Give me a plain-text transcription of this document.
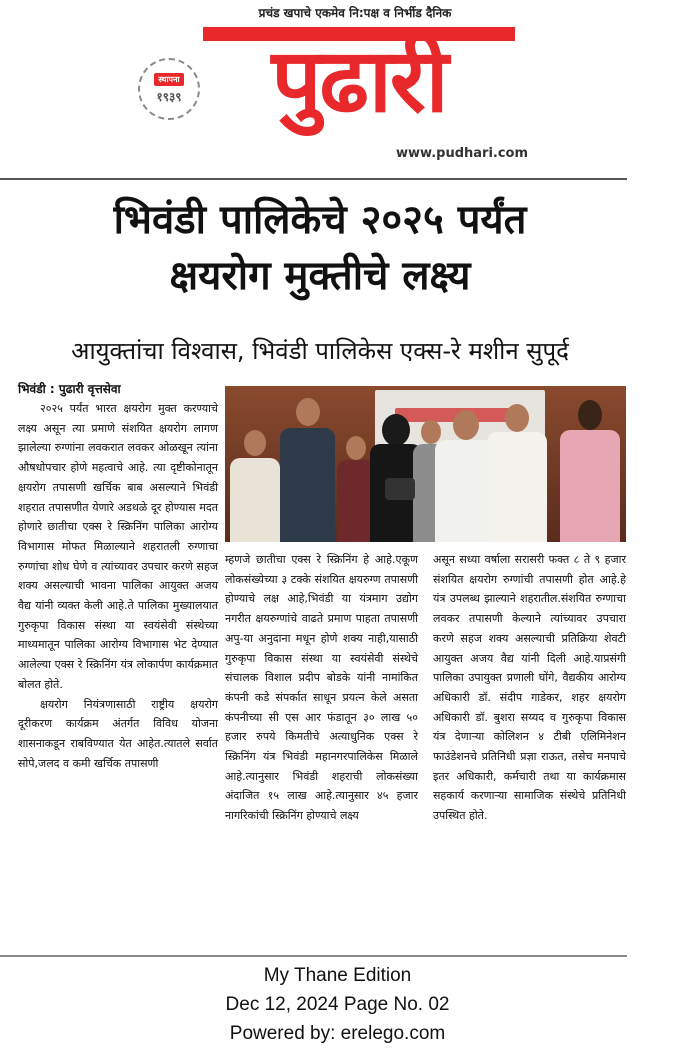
प्रचंड खपाचे एकमेव नि:पक्ष व निर्भीड दैनिक
पुढारी
स्थापना
१९३९
www.pudhari.com
भिवंडी पालिकेचे २०२५ पर्यंत
क्षयरोग मुक्तीचे लक्ष्य
आयुक्तांचा विश्वास, भिवंडी पालिकेस एक्स-रे मशीन सुपूर्द
भिवंडी : पुढारी वृत्तसेवा

२०२५ पर्यंत भारत क्षयरोग मुक्त करण्याचे लक्ष्य असून त्या प्रमाणे संशयित क्षयरोग लागण झालेल्या रुग्णांना लवकरात लवकर ओळखून त्यांना औषधोपचार होणे महत्वाचे आहे. त्या दृष्टीकोनातून क्षयरोग तपासणी खर्चिक बाब असल्याने भिवंडी शहरात तपासणीत येणारे अडथळे दूर होण्यास मदत होणारे छातीचा एक्स रे स्क्रिनिंग पालिका आरोग्य विभागास मोफत मिळाल्याने शहरातली रुग्णाचा रुग्णांचा शोध घेणे व त्यांच्यावर उपचार करणे सहज शक्य असल्याची भावना पालिका आयुक्त अजय वैद्य यांनी व्यक्त केली आहे.ते पालिका मुख्यालयात गुरुकृपा विकास संस्था या स्वयंसेवी संस्थेच्या माध्यमातून पालिका आरोग्य विभागास भेट देण्यात आलेल्या एक्स रे स्क्रिनिंग यंत्र लोकार्पण कार्यक्रमात बोलत होते.

क्षयरोग नियंत्रणासाठी राष्ट्रीय क्षयरोग दूरीकरण कार्यक्रम अंतर्गत विविध योजना शासनाकडून राबविण्यात येत आहेत.त्यातले सर्वात सोपे,जलद व कमी खर्चिक तपासणी

म्हणजे छातीचा एक्स रे स्क्रिनिंग हे आहे.एकूण लोकसंख्येच्या ३ टक्के संशयित क्षयरुग्ण तपासणी होण्याचे लक्ष आहे,भिवंडी या यंत्रमाग उद्योग नगरीत क्षयरुग्णांचे वाढते प्रमाण पाहता तपासणी अपु-या अनुदाना मधून होणे शक्य नाही,यासाठी गुरुकृपा विकास संस्था या स्वयंसेवी संस्थेचे संचालक विशाल प्रदीप बोडके यांनी नामांकित कंपनी कडे संपर्कात साधून प्रयत्न केले असता कंपनीच्या सी एस आर फंडातून ३० लाख ५० हजार रुपये किमतीचे अत्याधुनिक एक्स रे स्क्रिनिंग यंत्र भिवंडी महानगरपालिकेस मिळाले आहे.त्यानुसार भिवंडी शहराची लोकसंख्या अंदाजित १५ लाख आहे.त्यानुसार ४५ हजार नागरिकांची स्क्रिनिंग होण्याचे लक्ष्य
असून सध्या वर्षाला सरासरी फक्त ८ ते ९ हजार संशयित क्षयरोग रुग्णांची तपासणी होत आहे.हे यंत्र उपलब्ध झाल्याने शहरातील.संशयित रुग्णाचा लवकर तपासणी केल्याने त्यांच्यावर उपचारा करणे सहज शक्य असल्याची प्रतिक्रिया शेवटी आयुक्त अजय वैद्य यांनी दिली आहे.याप्रसंगी पालिका उपायुक्त प्रणाली घोंगे, वैद्यकीय आरोग्य अधिकारी डॉ. संदीप गाडेकर, शहर क्षयरोग अधिकारी डॉ. बुशरा सय्यद व गुरुकृपा विकास यंत्र देणाऱ्या कोलिशन ४ टीबी एलिमिनेशन फाउंडेशनचे प्रतिनिधी प्रज्ञा राऊत, तसेच मनपाचे इतर अधिकारी, कर्मचारी तथा या कार्यक्रमास सहकार्य करणाऱ्या सामाजिक संस्थेचे प्रतिनिधी उपस्थित होते.
My Thane Edition
Dec 12, 2024 Page No. 02
Powered by: erelego.com
